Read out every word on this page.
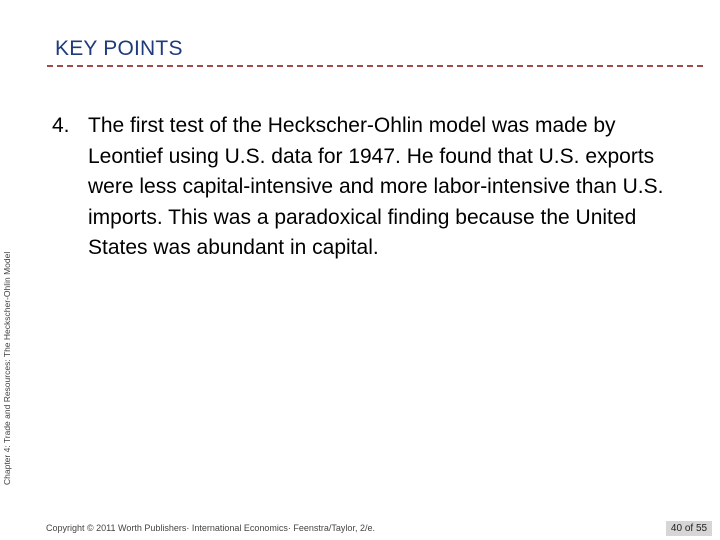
KEY POINTS
Chapter 4: Trade and Resources: The Heckscher-Ohlin Model
4. The first test of the Heckscher-Ohlin model was made by Leontief using U.S. data for 1947. He found that U.S. exports were less capital-intensive and more labor-intensive than U.S. imports. This was a paradoxical finding because the United States was abundant in capital.
Copyright © 2011 Worth Publishers· International Economics· Feenstra/Taylor, 2/e.	40 of 55
